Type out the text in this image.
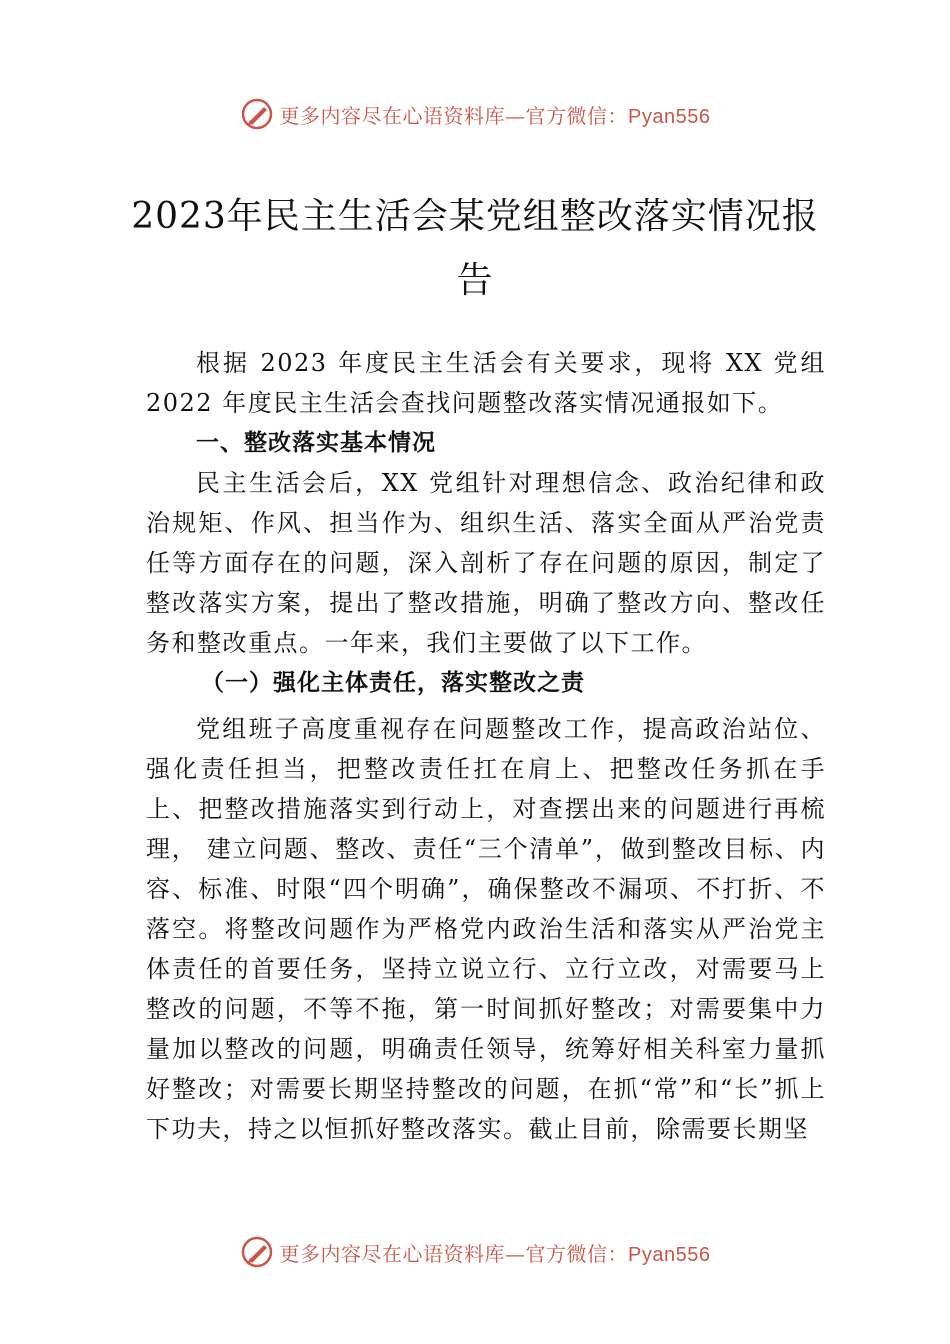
更多内容尽在心语资料库—官方微信：Pyan556
2023年民主生活会某党组整改落实情况报告

根据 2023 年度民主生活会有关要求，现将 XX 党组 2022 年度民主生活会查找问题整改落实情况通报如下。

一、整改落实基本情况

民主生活会后，XX 党组针对理想信念、政治纪律和政治规矩、作风、担当作为、组织生活、落实全面从严治党责任等方面存在的问题，深入剖析了存在问题的原因，制定了整改落实方案，提出了整改措施，明确了整改方向、整改任务和整改重点。一年来，我们主要做了以下工作。

（一）强化主体责任，落实整改之责

党组班子高度重视存在问题整改工作，提高政治站位、强化责任担当，把整改责任扛在肩上、把整改任务抓在手上、把整改措施落实到行动上，对查摆出来的问题进行再梳理， 建立问题、整改、责任“三个清单”，做到整改目标、内容、标准、时限“四个明确”，确保整改不漏项、不打折、不落空。将整改问题作为严格党内政治生活和落实从严治党主体责任的首要任务，坚持立说立行、立行立改，对需要马上整改的问题，不等不拖，第一时间抓好整改；对需要集中力量加以整改的问题，明确责任领导，统筹好相关科室力量抓好整改；对需要长期坚持整改的问题，在抓“常”和“长”抓上下功夫，持之以恒抓好整改落实。截止目前，除需要长期坚

更多内容尽在心语资料库—官方微信：Pyan556
